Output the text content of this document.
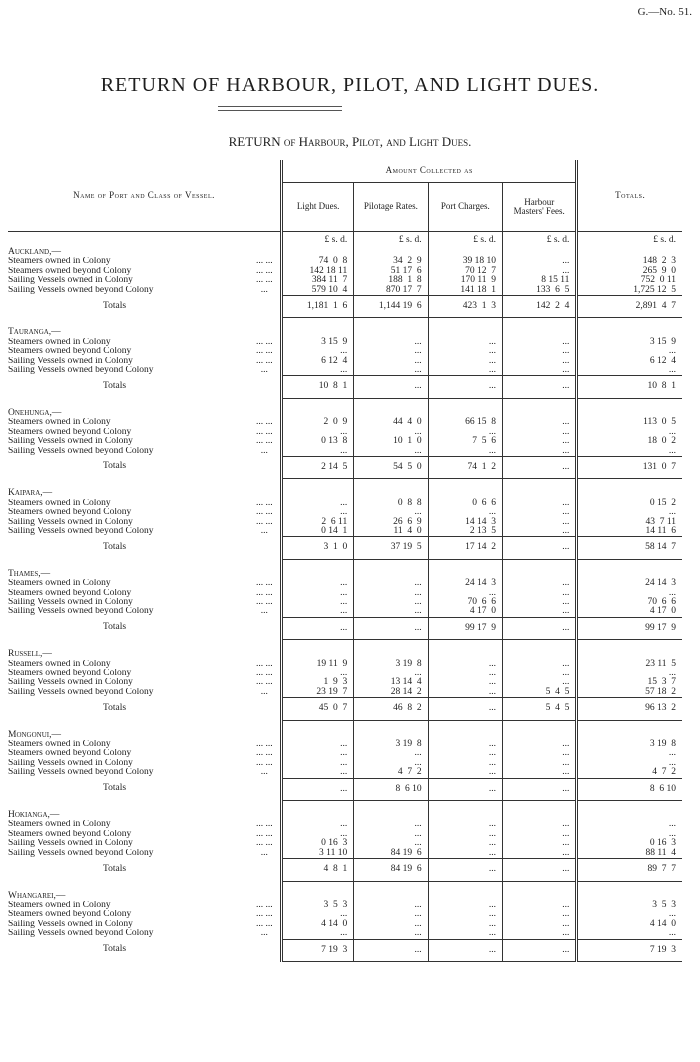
G.—No. 51.
RETURN OF HARBOUR, PILOT, AND LIGHT DUES.
RETURN of Harbour, Pilot, and Light Dues.
Name of Port and Class of Vessel.		Amount Collected as				Totals.
		Light Dues.	Pilotage Rates.	Port Charges.	Harbour Masters' Fees.	
		£ s. d.	£ s. d.	£ s. d.	£ s. d.	£ s. d.
Auckland,—						
Steamers owned in Colony	... ...	74  0  8	34  2  9	39 18 10	...	148  2  3
Steamers owned beyond Colony	... ...	142 18 11	51 17  6	70 12  7	...	265  9  0
Sailing Vessels owned in Colony	... ...	384 11  7	188  1  8	170 11  9	8 15 11	752  0 11
Sailing Vessels owned beyond Colony	...	579 10  4	870 17  7	141 18  1	133  6  5	1,725 12  5
Totals		1,181  1  6	1,144 19  6	423  1  3	142  2  4	2,891  4  7

Tauranga,—						
Steamers owned in Colony	... ...	3 15  9	...	...	...	3 15  9
Steamers owned beyond Colony	... ...	...	...	...	...	...
Sailing Vessels owned in Colony	... ...	6 12  4	...	...	...	6 12  4
Sailing Vessels owned beyond Colony	...	...	...	...	...	...
Totals		10  8  1	...	...	...	10  8  1

Onehunga,—						
Steamers owned in Colony	... ...	2  0  9	44  4  0	66 15  8	...	113  0  5
Steamers owned beyond Colony	... ...	...	...	...	...	...
Sailing Vessels owned in Colony	... ...	0 13  8	10  1  0	7  5  6	...	18  0  2
Sailing Vessels owned beyond Colony	...	...	...	...	...	...
Totals		2 14  5	54  5  0	74  1  2	...	131  0  7

Kaipara,—						
Steamers owned in Colony	... ...	...	0  8  8	0  6  6	...	0 15  2
Steamers owned beyond Colony	... ...	...	...	...	...	...
Sailing Vessels owned in Colony	... ...	2  6 11	26  6  9	14 14  3	...	43  7 11
Sailing Vessels owned beyond Colony	...	0 14  1	11  4  0	2 13  5	...	14 11  6
Totals		3  1  0	37 19  5	17 14  2	...	58 14  7

Thames,—						
Steamers owned in Colony	... ...	...	...	24 14  3	...	24 14  3
Steamers owned beyond Colony	... ...	...	...	...	...	...
Sailing Vessels owned in Colony	... ...	...	...	70  6  6	...	70  6  6
Sailing Vessels owned beyond Colony	...	...	...	4 17  0	...	4 17  0
Totals		...	...	99 17  9	...	99 17  9

Russell,—						
Steamers owned in Colony	... ...	19 11  9	3 19  8	...	...	23 11  5
Steamers owned beyond Colony	... ...	...	...	...	...	...
Sailing Vessels owned in Colony	... ...	1  9  3	13 14  4	...	...	15  3  7
Sailing Vessels owned beyond Colony	...	23 19  7	28 14  2	...	5  4  5	57 18  2
Totals		45  0  7	46  8  2	...	5  4  5	96 13  2

Mongonui,—						
Steamers owned in Colony	... ...	...	3 19  8	...	...	3 19  8
Steamers owned beyond Colony	... ...	...	...	...	...	...
Sailing Vessels owned in Colony	... ...	...	...	...	...	...
Sailing Vessels owned beyond Colony	...	...	4  7  2	...	...	4  7  2
Totals		...	8  6 10	...	...	8  6 10

Hokianga,—						
Steamers owned in Colony	... ...	...	...	...	...	...
Steamers owned beyond Colony	... ...	...	...	...	...	...
Sailing Vessels owned in Colony	... ...	0 16  3	...	...	...	0 16  3
Sailing Vessels owned beyond Colony	...	3 11 10	84 19  6	...	...	88 11  4
Totals		4  8  1	84 19  6	...	...	89  7  7

Whangarei,—						
Steamers owned in Colony	... ...	3  5  3	...	...	...	3  5  3
Steamers owned beyond Colony	... ...	...	...	...	...	...
Sailing Vessels owned in Colony	... ...	4 14  0	...	...	...	4 14  0
Sailing Vessels owned beyond Colony	...	...	...	...	...	...
Totals		7 19  3	...	...	...	7 19  3
